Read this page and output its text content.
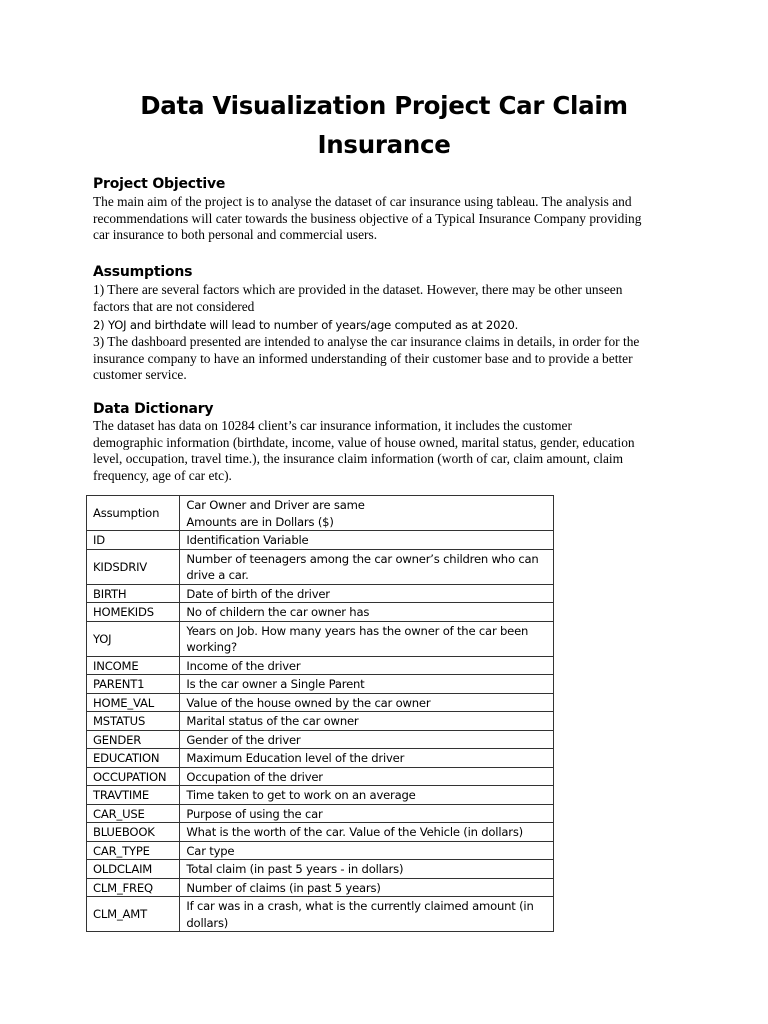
Data Visualization Project Car Claim
Insurance
Project Objective
The main aim of the project is to analyse the dataset of car insurance using tableau. The analysis and
recommendations will cater towards the business objective of a Typical Insurance Company providing
car insurance to both personal and commercial users.
Assumptions
1) There are several factors which are provided in the dataset. However, there may be other unseen
factors that are not considered
2) YOJ and birthdate will lead to number of years/age computed as at 2020.
3) The dashboard presented are intended to analyse the car insurance claims in details, in order for the
insurance company to have an informed understanding of their customer base and to provide a better
customer service.
Data Dictionary
The dataset has data on 10284 client’s car insurance information, it includes the customer
demographic information (birthdate, income, value of house owned, marital status, gender, education
level, occupation, travel time.), the insurance claim information (worth of car, claim amount, claim
frequency, age of car etc).
Assumption	Car Owner and Driver are same
Amounts are in Dollars ($)

ID	Identification Variable

KIDSDRIV	Number of teenagers among the car owner’s children who can
drive a car.

BIRTH	Date of birth of the driver

HOMEKIDS	No of childern the car owner has

YOJ	Years on Job. How many years has the owner of the car been
working?

INCOME	Income of the driver

PARENT1	Is the car owner a Single Parent

HOME_VAL	Value of the house owned by the car owner

MSTATUS	Marital status of the car owner

GENDER	Gender of the driver

EDUCATION	Maximum Education level of the driver

OCCUPATION	Occupation of the driver

TRAVTIME	Time taken to get to work on an average

CAR_USE	Purpose of using the car

BLUEBOOK	What is the worth of the car. Value of the Vehicle (in dollars)

CAR_TYPE	Car type

OLDCLAIM	Total claim (in past 5 years - in dollars)

CLM_FREQ	Number of claims (in past 5 years)

CLM_AMT	If car was in a crash, what is the currently claimed amount (in
dollars)
